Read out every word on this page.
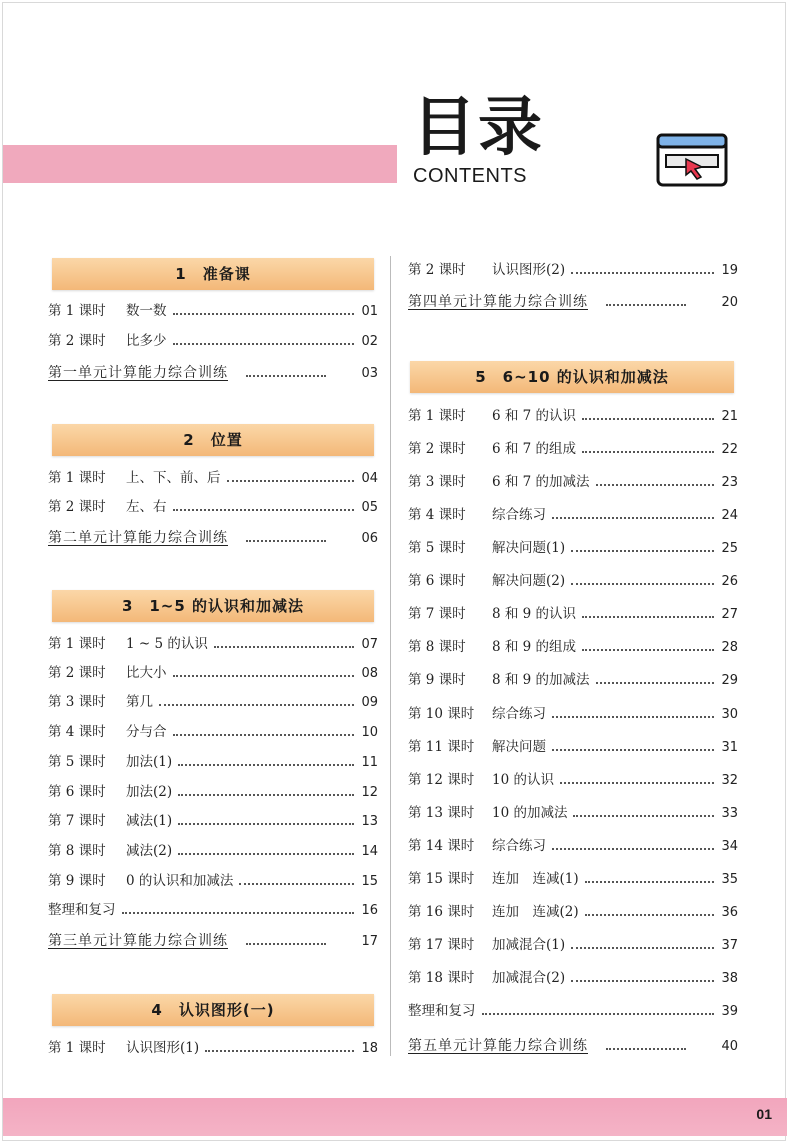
目录
CONTENTS
1　准备课
第 1 课时	数一数	01
第 2 课时	比多少	02
第一单元计算能力综合训练	03
2　位置
第 1 课时	上、下、前、后	04
第 2 课时	左、右	05
第二单元计算能力综合训练	06
3　1~5 的认识和加减法
第 1 课时	1 ~ 5 的认识	07
第 2 课时	比大小	08
第 3 课时	第几	09
第 4 课时	分与合	10
第 5 课时	加法(1)	11
第 6 课时	加法(2)	12
第 7 课时	减法(1)	13
第 8 课时	减法(2)	14
第 9 课时	0 的认识和加减法	15
整理和复习	16
第三单元计算能力综合训练	17
4　认识图形(一)
第 1 课时	认识图形(1)	18
第 2 课时	认识图形(2)	19
第四单元计算能力综合训练	20
5　6~10 的认识和加减法
第 1 课时	6 和 7 的认识	21
第 2 课时	6 和 7 的组成	22
第 3 课时	6 和 7 的加减法	23
第 4 课时	综合练习	24
第 5 课时	解决问题(1)	25
第 6 课时	解决问题(2)	26
第 7 课时	8 和 9 的认识	27
第 8 课时	8 和 9 的组成	28
第 9 课时	8 和 9 的加减法	29
第 10 课时	综合练习	30
第 11 课时	解决问题	31
第 12 课时	10 的认识	32
第 13 课时	10 的加减法	33
第 14 课时	综合练习	34
第 15 课时	连加　连减(1)	35
第 16 课时	连加　连减(2)	36
第 17 课时	加减混合(1)	37
第 18 课时	加减混合(2)	38
整理和复习	39
第五单元计算能力综合训练	40
01
